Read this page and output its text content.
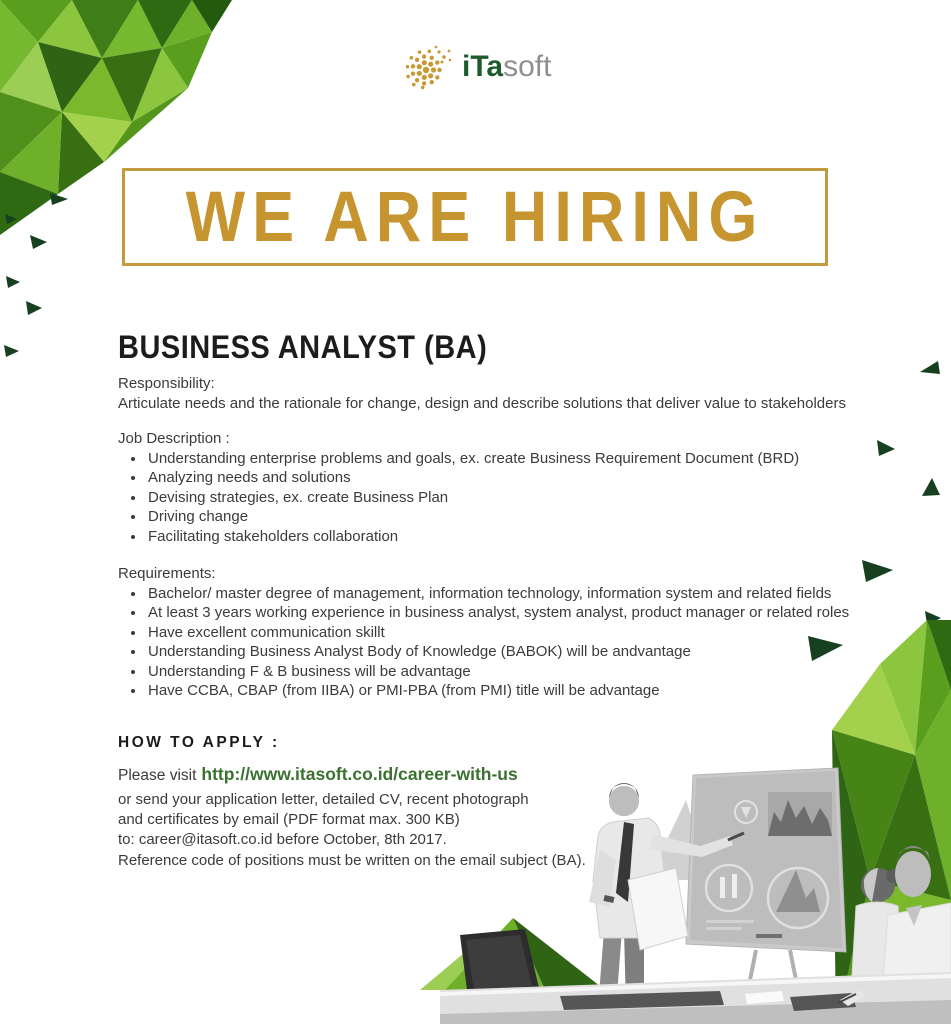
iTasoft
WE ARE HIRING
BUSINESS ANALYST (BA)
Responsibility:
Articulate needs and the rationale for change, design and describe solutions that deliver value to stakeholders
Job Description :
• Understanding enterprise problems and goals, ex. create Business Requirement Document (BRD)
• Analyzing needs and solutions
• Devising strategies, ex. create Business Plan
• Driving change
• Facilitating stakeholders collaboration
Requirements:
• Bachelor/ master degree of management, information technology, information system and related fields
• At least 3 years working experience in business analyst, system analyst, product manager or related roles
• Have excellent communication skillt
• Understanding Business Analyst Body of Knowledge (BABOK) will be andvantage
• Understanding F & B business will be advantage
• Have CCBA, CBAP (from IIBA) or PMI-PBA (from PMI) title will be advantage
HOW TO APPLY :
Please visit http://www.itasoft.co.id/career-with-us
or send your application letter, detailed CV, recent photograph
and certificates by email (PDF format max. 300 KB)
to: career@itasoft.co.id before October, 8th 2017.
Reference code of positions must be written on the email subject (BA).
